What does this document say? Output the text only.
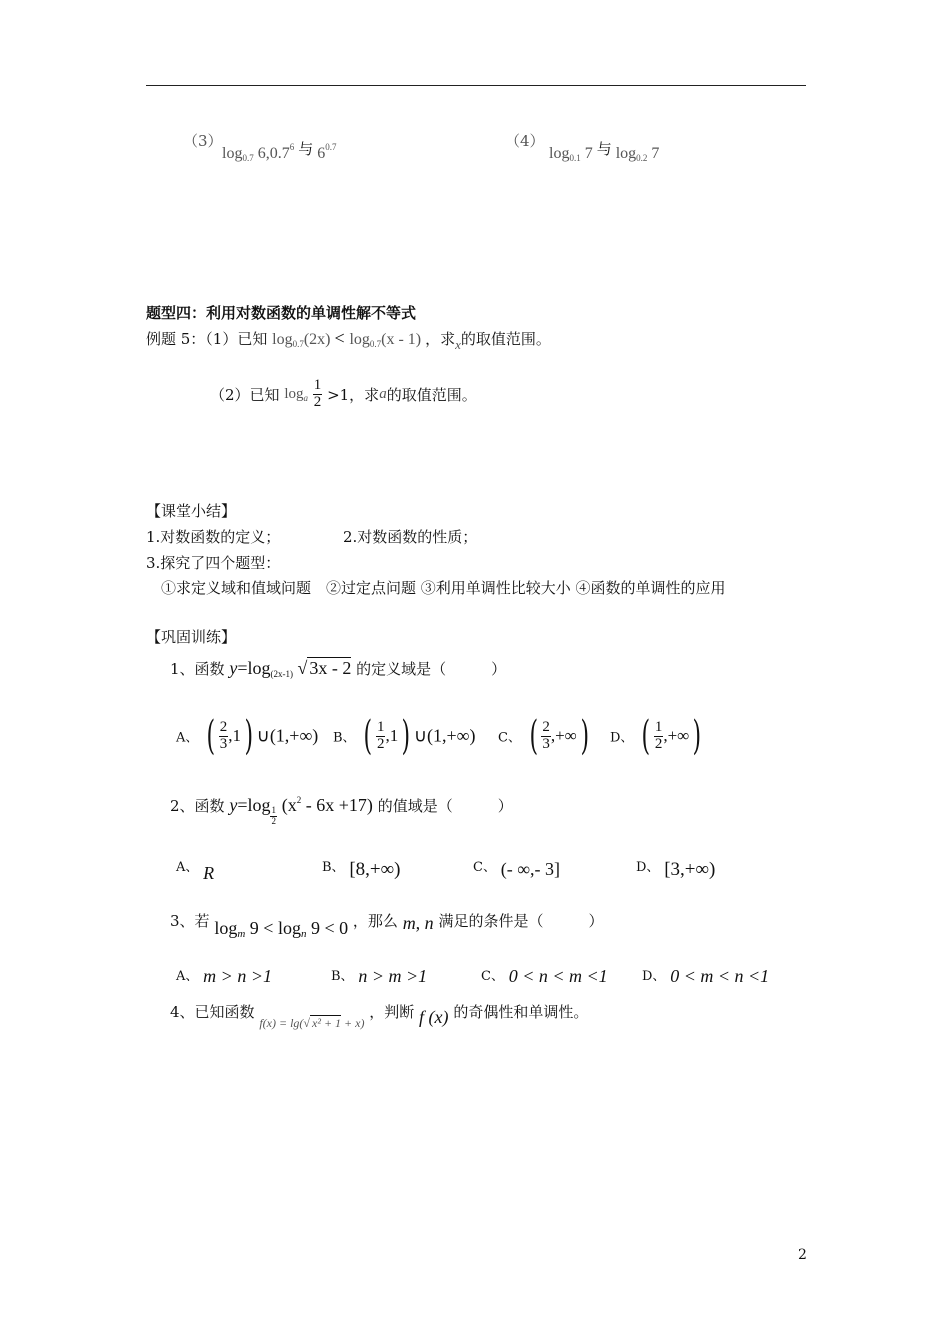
（3）
$\log_{0.7} 6,0.7^6$ 与 $6^{0.7}$	（4）
$\log_{0.1} 7$ 与 $\log_{0.2} 7$
题型四：利用对数函数的单调性解不等式
例题 5：（1）已知 $\log_{0.7}(2x) < \log_{0.7}(x - 1)$ ，求x的取值范围。
（2）已知 $\log_a \frac{1}{2} >1$，求a的取值范围。
【课堂小结】
1.对数函数的定义；	2.对数函数的性质；
3.探究了四个题型：
①求定义域和值域问题　②过定点问题 ③利用单调性比较大小 ④函数的单调性的应用
【巩固训练】
1、函数 $y=\log_{(2x-1)}$ √ 3x - 2 的定义域是（　　　）
A、 ( $\frac{2}{3} ,1$) ∪(1,+∞) B、 ( $\frac{1}{2} ,1$) ∪(1,+∞) C、 ( $\frac{2}{3}$ ,+∞) D、 ( $\frac{1}{2}$ ,+∞)
2、函数 y=log
$\frac{1}{2}$
$(x^2 - 6x +17)$ 的值域是（　　　）
A、 R	B、 [8,+∞)	C、 (- ∞,- 3]	D、 [3,+∞)
3、若 $\log_m 9 < \log_n 9 < 0$ ，那么 m, n 满足的条件是（　　　）
A、 m > n >1	B、 n > m >1	C、 0 < n < m <1	D、 0 < m < n <1
4、已知函数 $_{f(x) = lg(√ x^2 + 1 + x)}$ ，判断 f (x) 的奇偶性和单调性。
2
